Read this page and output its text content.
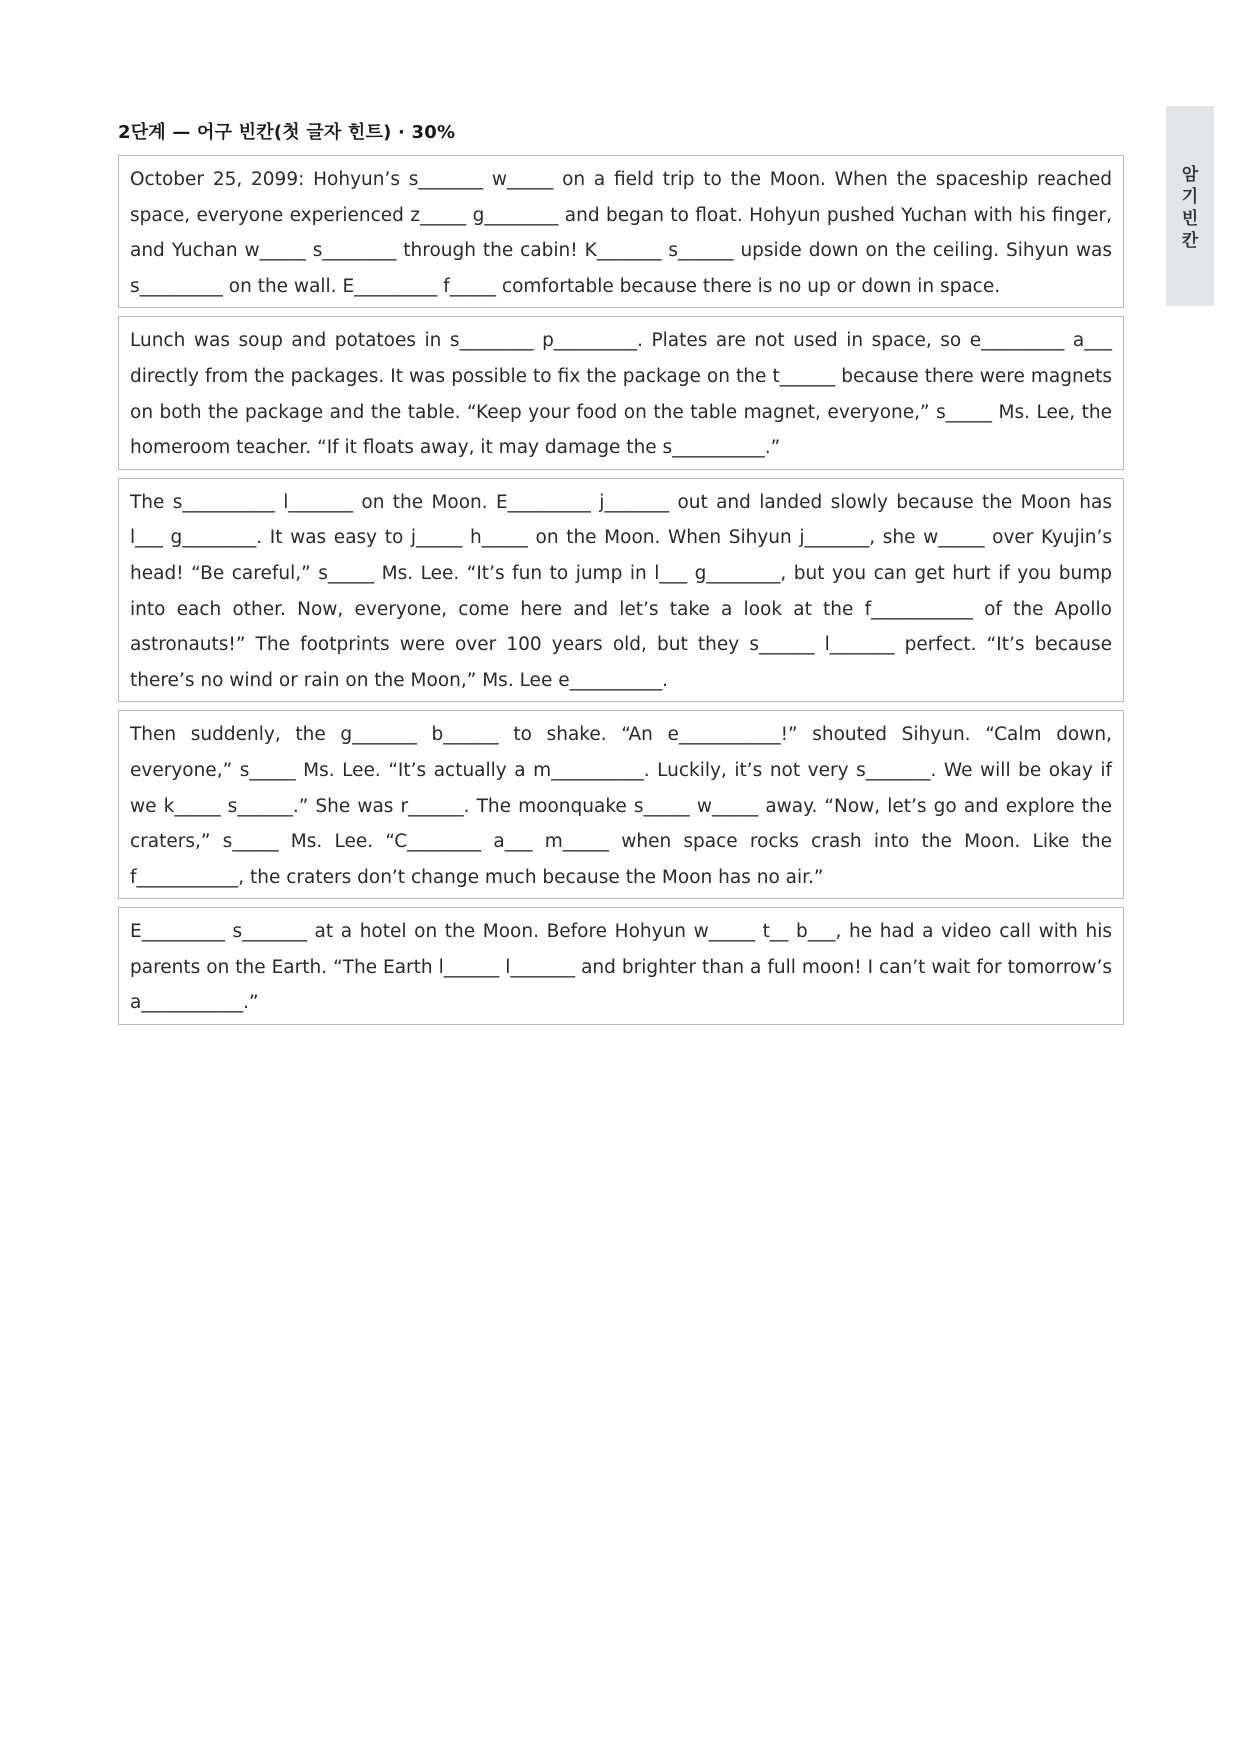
2단계 — 어구 빈칸(첫 글자 힌트) · 30%
암
기
빈
칸
October 25, 2099: Hohyun’s s_______ w_____ on a field trip to the Moon. When the spaceship reached space, everyone experienced z_____ g________ and began to float. Hohyun pushed Yuchan with his finger, and Yuchan w_____ s________ through the cabin! K_______ s______ upside down on the ceiling. Sihyun was s_________ on the wall. E_________ f_____ comfortable because there is no up or down in space.
Lunch was soup and potatoes in s________ p_________. Plates are not used in space, so e_________ a___ directly from the packages. It was possible to fix the package on the t______ because there were magnets on both the package and the table. “Keep your food on the table magnet, everyone,” s_____ Ms. Lee, the homeroom teacher. “If it floats away, it may damage the s__________.”
The s__________ l_______ on the Moon. E_________ j_______ out and landed slowly because the Moon has l___ g________. It was easy to j_____ h_____ on the Moon. When Sihyun j_______, she w_____ over Kyujin’s head! “Be careful,” s_____ Ms. Lee. “It’s fun to jump in l___ g________, but you can get hurt if you bump into each other. Now, everyone, come here and let’s take a look at the f___________ of the Apollo astronauts!” The footprints were over 100 years old, but they s______ l_______ perfect. “It’s because there’s no wind or rain on the Moon,” Ms. Lee e__________.
Then suddenly, the g_______ b______ to shake. “An e___________!” shouted Sihyun. “Calm down, everyone,” s_____ Ms. Lee. “It’s actually a m__________. Luckily, it’s not very s_______. We will be okay if we k_____ s______.” She was r______. The moonquake s_____ w_____ away. “Now, let’s go and explore the craters,” s_____ Ms. Lee. “C________ a___ m_____ when space rocks crash into the Moon. Like the f___________, the craters don’t change much because the Moon has no air.”
E_________ s_______ at a hotel on the Moon. Before Hohyun w_____ t__ b___, he had a video call with his parents on the Earth. “The Earth l______ l_______ and brighter than a full moon! I can’t wait for tomorrow’s a___________.”
